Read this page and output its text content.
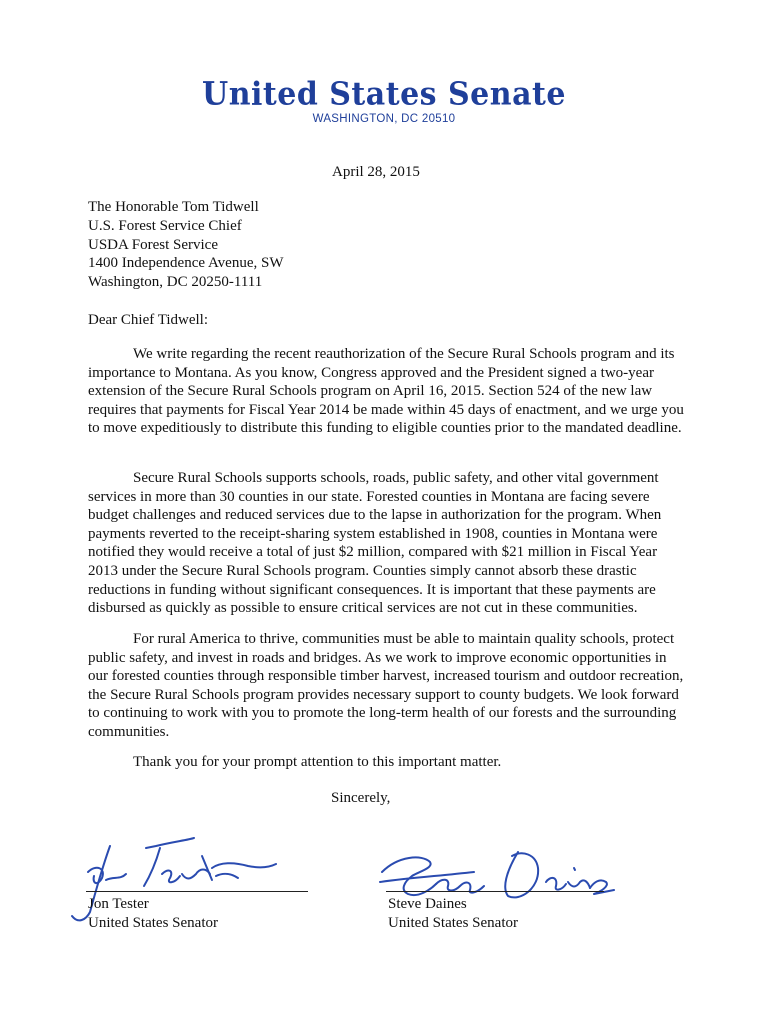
United States Senate
WASHINGTON, DC 20510
April 28, 2015
The Honorable Tom Tidwell
U.S. Forest Service Chief
USDA Forest Service
1400 Independence Avenue, SW
Washington, DC 20250-1111
Dear Chief Tidwell:

We write regarding the recent reauthorization of the Secure Rural Schools program and its importance to Montana. As you know, Congress approved and the President signed a two-year extension of the Secure Rural Schools program on April 16, 2015. Section 524 of the new law requires that payments for Fiscal Year 2014 be made within 45 days of enactment, and we urge you to move expeditiously to distribute this funding to eligible counties prior to the mandated deadline.

Secure Rural Schools supports schools, roads, public safety, and other vital government services in more than 30 counties in our state. Forested counties in Montana are facing severe budget challenges and reduced services due to the lapse in authorization for the program. When payments reverted to the receipt-sharing system established in 1908, counties in Montana were notified they would receive a total of just $2 million, compared with $21 million in Fiscal Year 2013 under the Secure Rural Schools program. Counties simply cannot absorb these drastic reductions in funding without significant consequences. It is important that these payments are disbursed as quickly as possible to ensure critical services are not cut in these communities.

For rural America to thrive, communities must be able to maintain quality schools, protect public safety, and invest in roads and bridges. As we work to improve economic opportunities in our forested counties through responsible timber harvest, increased tourism and outdoor recreation, the Secure Rural Schools program provides necessary support to county budgets. We look forward to continuing to work with you to promote the long-term health of our forests and the surrounding communities.

Thank you for your prompt attention to this important matter.

Sincerely,
Jon Tester
United States Senator
Steve Daines
United States Senator
